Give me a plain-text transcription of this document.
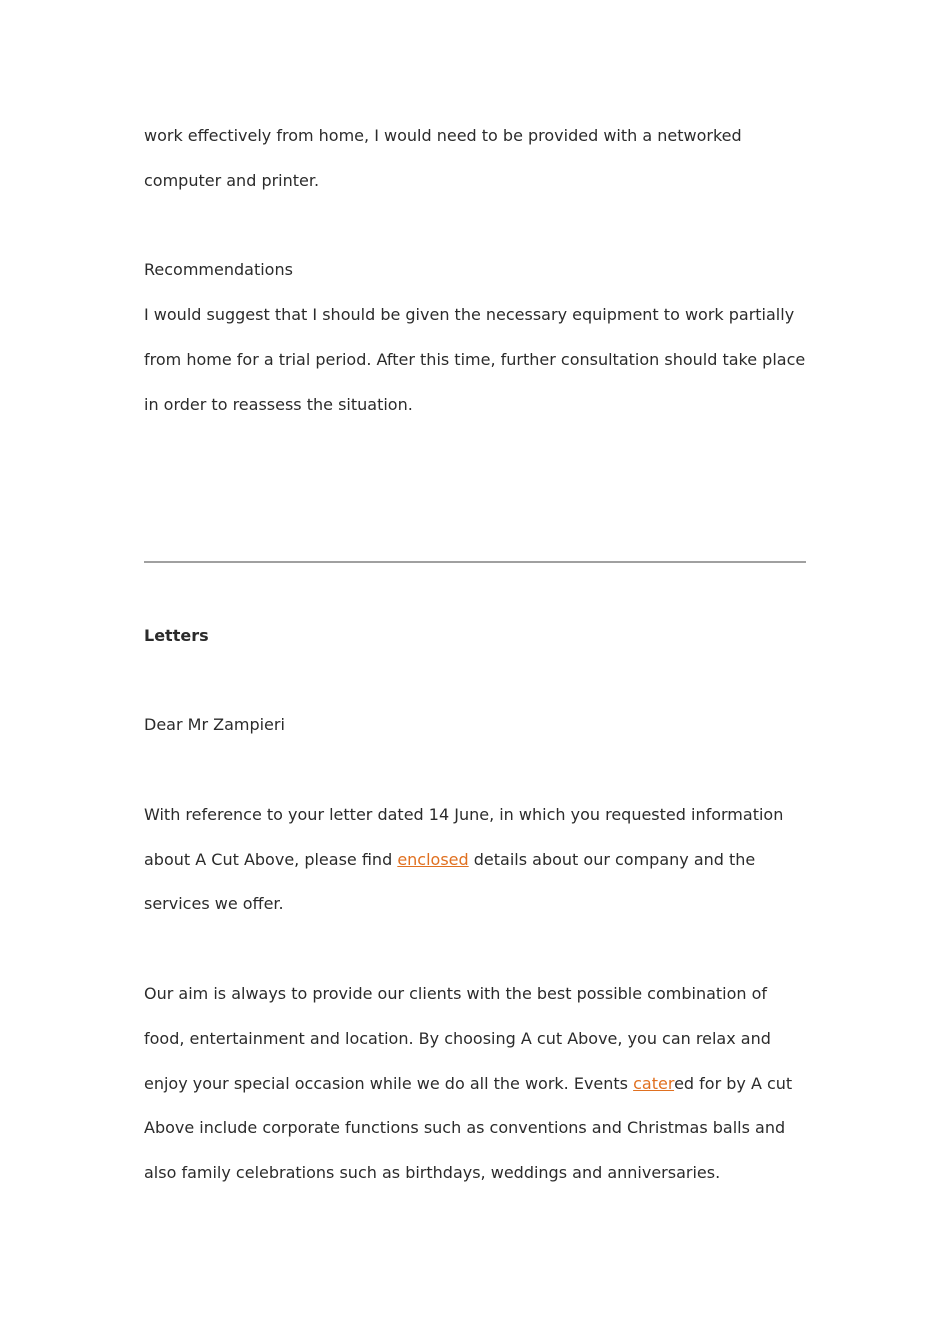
work effectively from home, I would need to be provided with a networked
computer and printer.
Recommendations
I would suggest that I should be given the necessary equipment to work partially
from home for a trial period. After this time, further consultation should take place
in order to reassess the situation.
Letters
Dear Mr Zampieri
With reference to your letter dated 14 June, in which you requested information
about A Cut Above, please find enclosed details about our company and the
services we offer.
Our aim is always to provide our clients with the best possible combination of
food, entertainment and location. By choosing A cut Above, you can relax and
enjoy your special occasion while we do all the work. Events catered for by A cut
Above include corporate functions such as conventions and Christmas balls and
also family celebrations such as birthdays, weddings and anniversaries.
